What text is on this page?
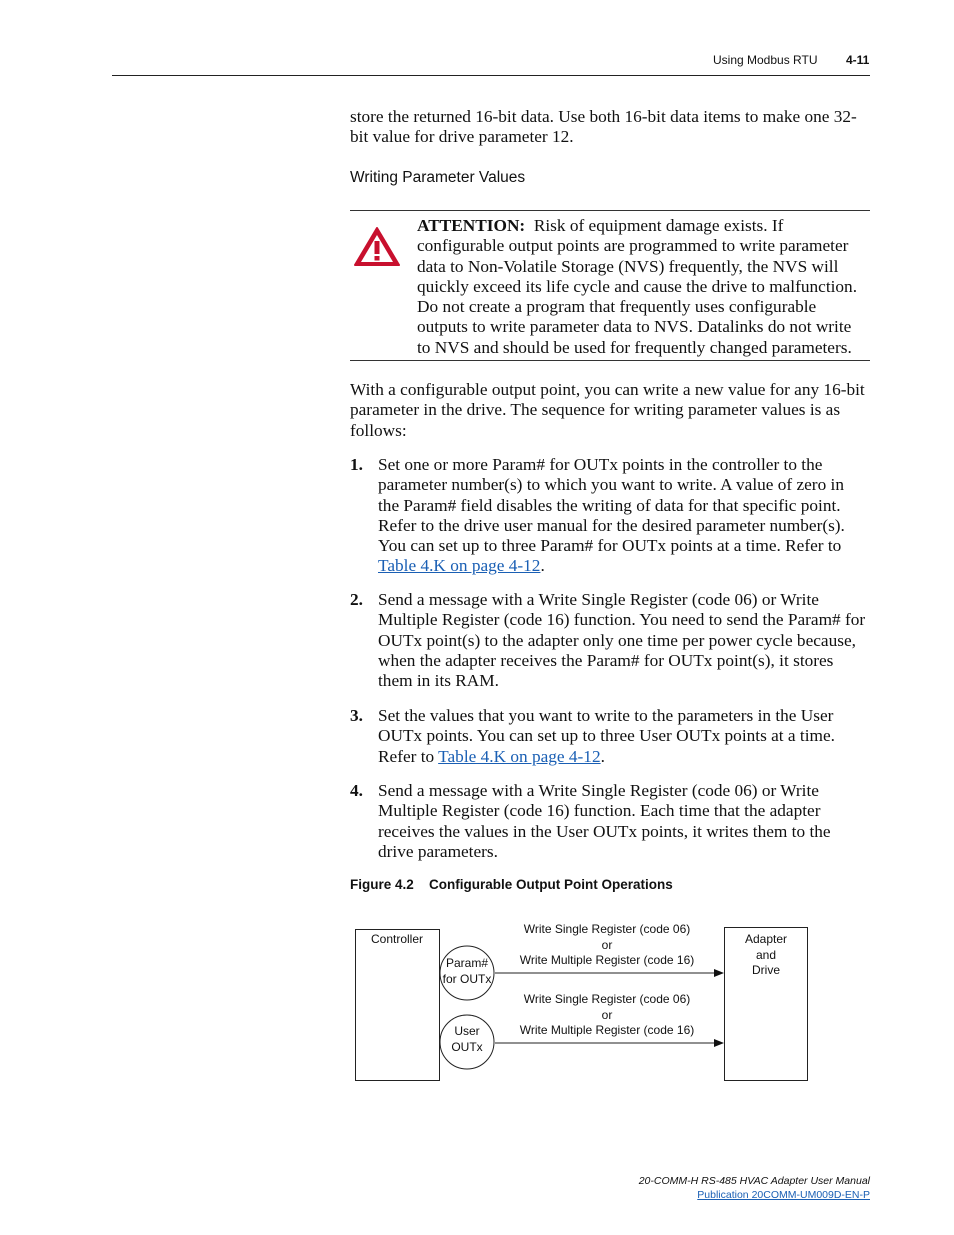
Using Modbus RTU 4-11

store the returned 16-bit data. Use both 16-bit data items to make one 32-bit value for drive parameter 12.

Writing Parameter Values

ATTENTION: Risk of equipment damage exists. If configurable output points are programmed to write parameter data to Non-Volatile Storage (NVS) frequently, the NVS will quickly exceed its life cycle and cause the drive to malfunction. Do not create a program that frequently uses configurable outputs to write parameter data to NVS. Datalinks do not write to NVS and should be used for frequently changed parameters.

With a configurable output point, you can write a new value for any 16-bit parameter in the drive. The sequence for writing parameter values is as follows:

1. Set one or more Param# for OUTx points in the controller to the parameter number(s) to which you want to write. A value of zero in the Param# field disables the writing of data for that specific point. Refer to the drive user manual for the desired parameter number(s). You can set up to three Param# for OUTx points at a time. Refer to Table 4.K on page 4-12.

2. Send a message with a Write Single Register (code 06) or Write Multiple Register (code 16) function. You need to send the Param# for OUTx point(s) to the adapter only one time per power cycle because, when the adapter receives the Param# for OUTx point(s), it stores them in its RAM.

3. Set the values that you want to write to the parameters in the User OUTx points. You can set up to three User OUTx points at a time. Refer to Table 4.K on page 4-12.

4. Send a message with a Write Single Register (code 06) or Write Multiple Register (code 16) function. Each time that the adapter receives the values in the User OUTx points, it writes them to the drive parameters.

Figure 4.2 Configurable Output Point Operations
Controller
Param#
for OUTx
User
OUTx
Adapter
and
Drive
Write Single Register (code 06)
or
Write Multiple Register (code 16)
Write Single Register (code 06)
or
Write Multiple Register (code 16)
20-COMM-H RS-485 HVAC Adapter User Manual
Publication 20COMM-UM009D-EN-P
